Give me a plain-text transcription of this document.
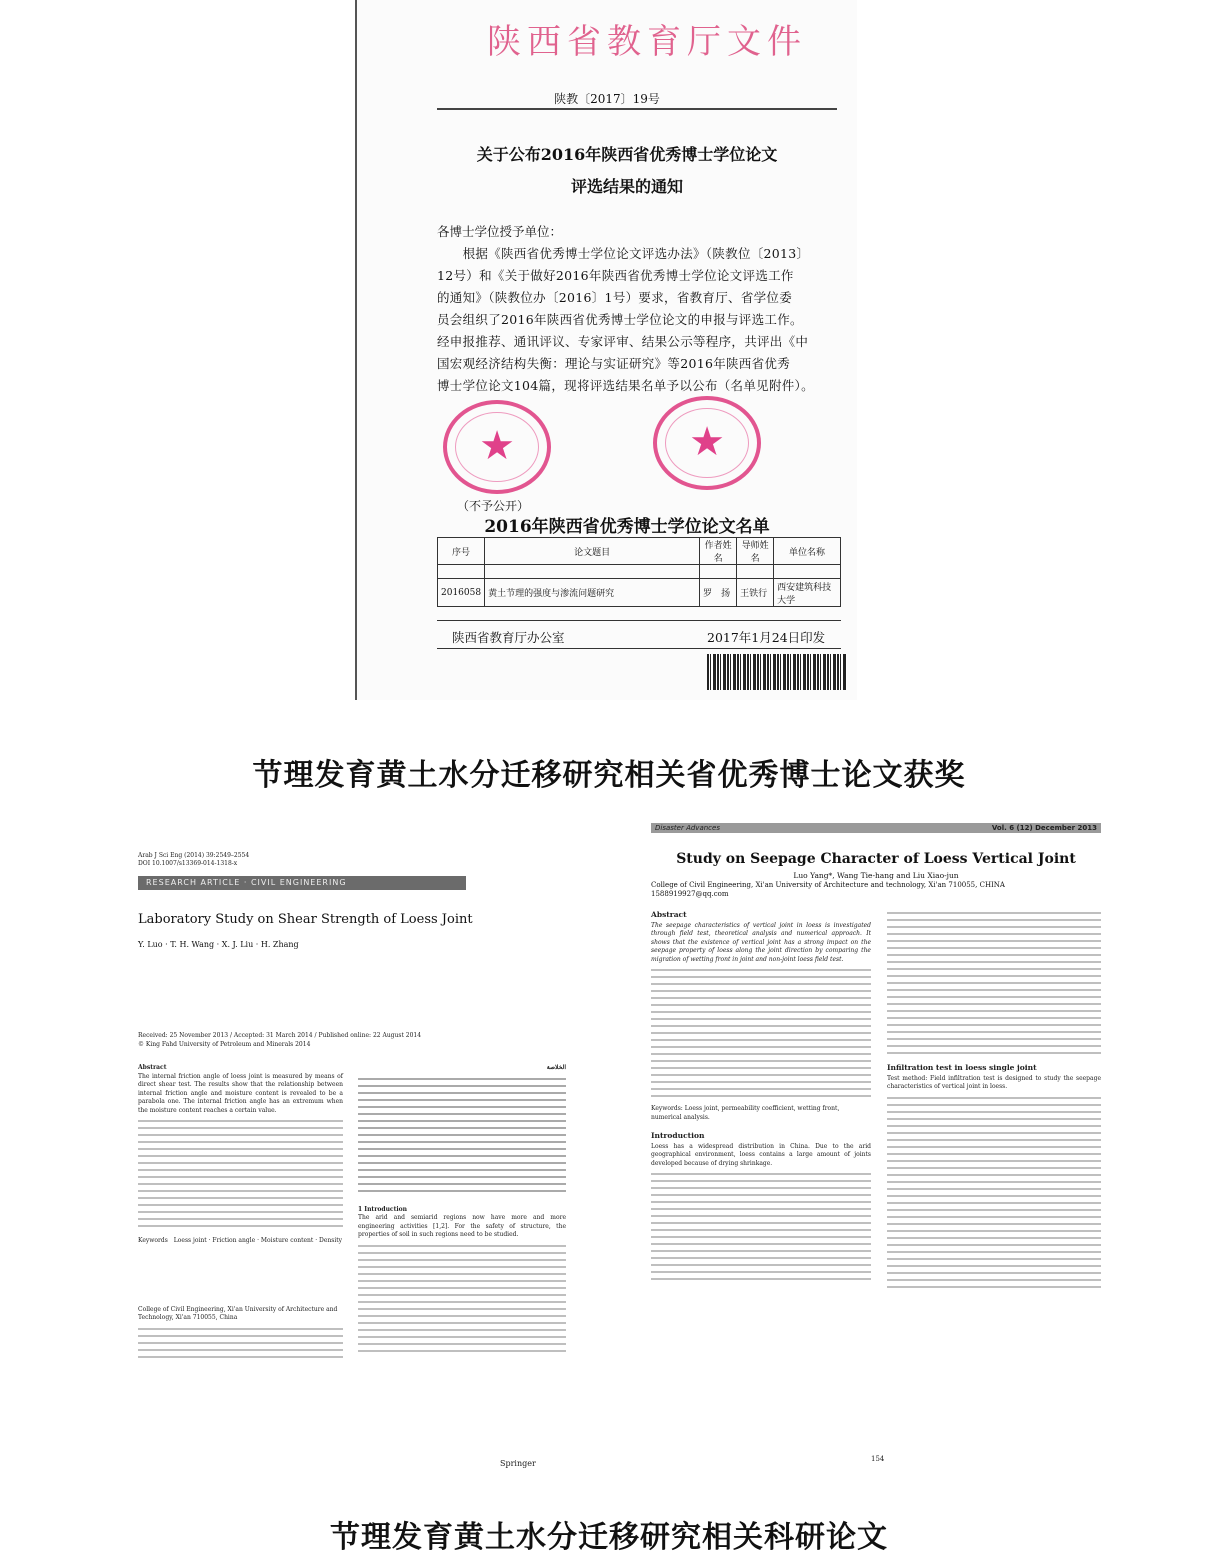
陕西省教育厅文件
陕教〔2017〕19号
关于公布2016年陕西省优秀博士学位论文
评选结果的通知
各博士学位授予单位：
　　根据《陕西省优秀博士学位论文评选办法》（陕教位〔2013〕
12号）和《关于做好2016年陕西省优秀博士学位论文评选工作
的通知》（陕教位办〔2016〕1号）要求，省教育厅、省学位委
员会组织了2016年陕西省优秀博士学位论文的申报与评选工作。
经申报推荐、通讯评议、专家评审、结果公示等程序，共评出《中
国宏观经济结构失衡：理论与实证研究》等2016年陕西省优秀
博士学位论文104篇，现将评选结果名单予以公布（名单见附件）。
★	★
（不予公开）
2016年陕西省优秀博士学位论文名单
序号	论文题目	作者姓名	导师姓名	单位名称

2016058	黄土节理的强度与渗流问题研究	罗　扬	王铁行	西安建筑科技大学
陕西省教育厅办公室	2017年1月24日印发
节理发育黄土水分迁移研究相关省优秀博士论文获奖
Arab J Sci Eng (2014) 39:2549–2554
DOI 10.1007/s13369-014-1318-x
RESEARCH ARTICLE · CIVIL ENGINEERING
Laboratory Study on Shear Strength of Loess Joint
Y. Luo · T. H. Wang · X. J. Liu · H. Zhang
Received: 25 November 2013 / Accepted: 31 March 2014 / Published online: 22 August 2014
© King Fahd University of Petroleum and Minerals 2014
Abstract
The internal friction angle of loess joint is measured by means of direct shear test. The results show that the relationship between internal friction angle and moisture content is revealed to be a parabola one. The internal friction angle has an extremum when the moisture content reaches a certain value.
Keywords　Loess joint · Friction angle · Moisture content · Density
College of Civil Engineering, Xi'an University of Architecture and Technology, Xi'an 710055, China
الخلاصة
1 Introduction
The arid and semiarid regions now have more and more engineering activities [1,2]. For the safety of structure, the properties of soil in such regions need to be studied.
Springer
Disaster Advances	Vol. 6 (12) December 2013
Study on Seepage Character of Loess Vertical Joint
Luo Yang*, Wang Tie-hang and Liu Xiao-jun
College of Civil Engineering, Xi'an University of Architecture and technology, Xi'an 710055, CHINA
1588919927@qq.com
Abstract
The seepage characteristics of vertical joint in loess is investigated through field test, theoretical analysis and numerical approach. It shows that the existence of vertical joint has a strong impact on the seepage property of loess along the joint direction by comparing the migration of wetting front in joint and non-joint loess field test.
Keywords: Loess joint, permeability coefficient, wetting front, numerical analysis.
Introduction
Loess has a widespread distribution in China. Due to the arid geographical environment, loess contains a large amount of joints developed because of drying shrinkage.
Infiltration test in loess single joint
Test method: Field infiltration test is designed to study the seepage characteristics of vertical joint in loess.
154
节理发育黄土水分迁移研究相关科研论文
